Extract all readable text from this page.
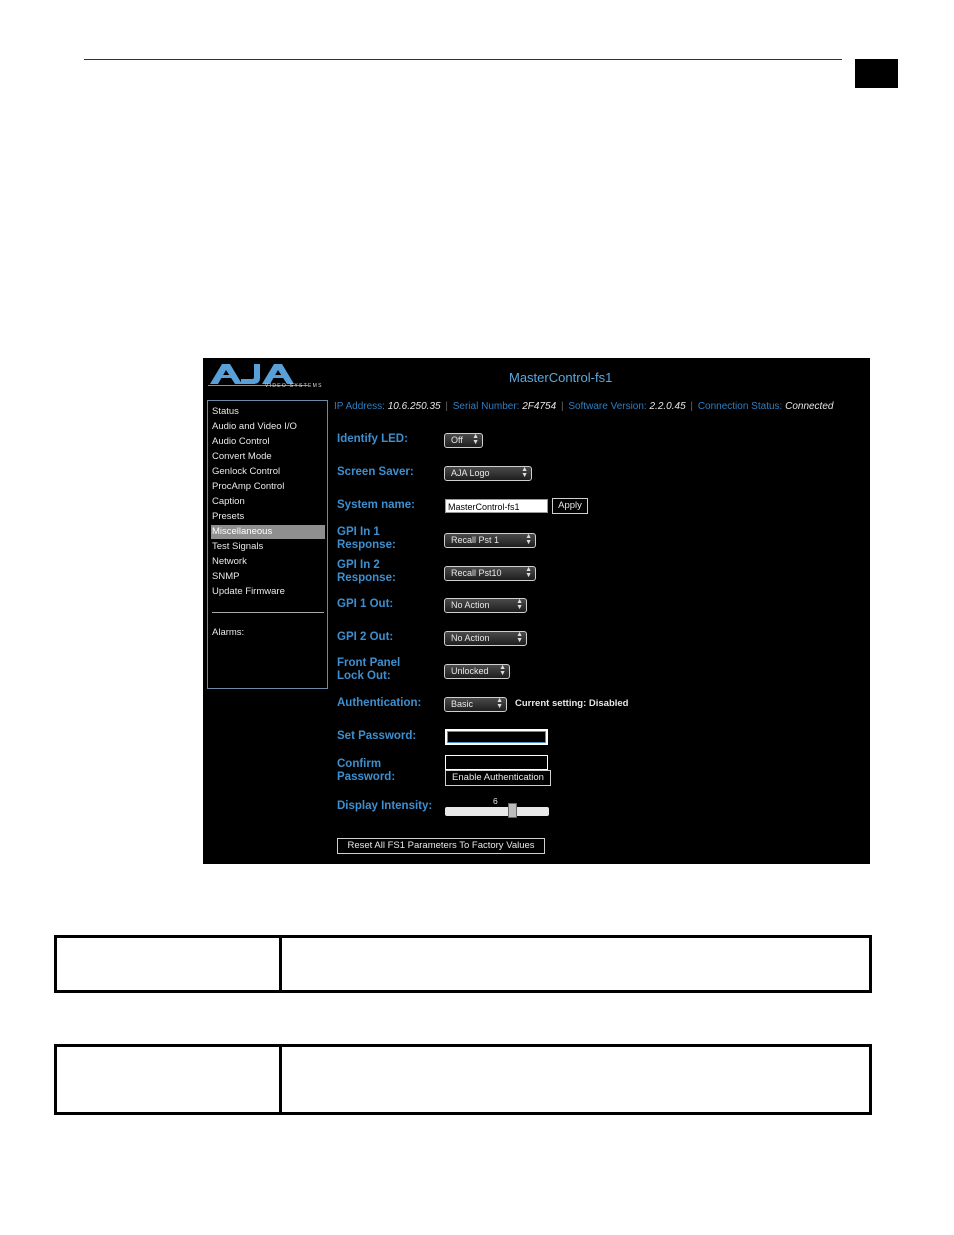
VIDEO SYSTEMS
MasterControl-fs1
IP Address: 10.6.250.35 | Serial Number: 2F4754 | Software Version: 2.2.0.45 | Connection Status: Connected
Status
Audio and Video I/O
Audio Control
Convert Mode
Genlock Control
ProcAmp Control
Caption
Presets
Miscellaneous
Test Signals
Network
SNMP
Update Firmware
Alarms:
Identify LED:	Off ▲
▼
Screen Saver:	AJA Logo	▲
▼
System name:	MasterControl-fs1	Apply
GPI In 1
Response:	Recall Pst 1	▲
▼
GPI In 2
Response:	Recall Pst10	▲
▼
GPI 1 Out:	No Action	▲
▼
GPI 2 Out:	No Action	▲
▼
Front Panel
Lock Out:	Unlocked ▲
▼
Authentication:	Basic	▲
▼ Current setting: Disabled
Set Password:
Confirm
Password:	Enable Authentication
Display Intensity:	6
Reset All FS1 Parameters To Factory Values
